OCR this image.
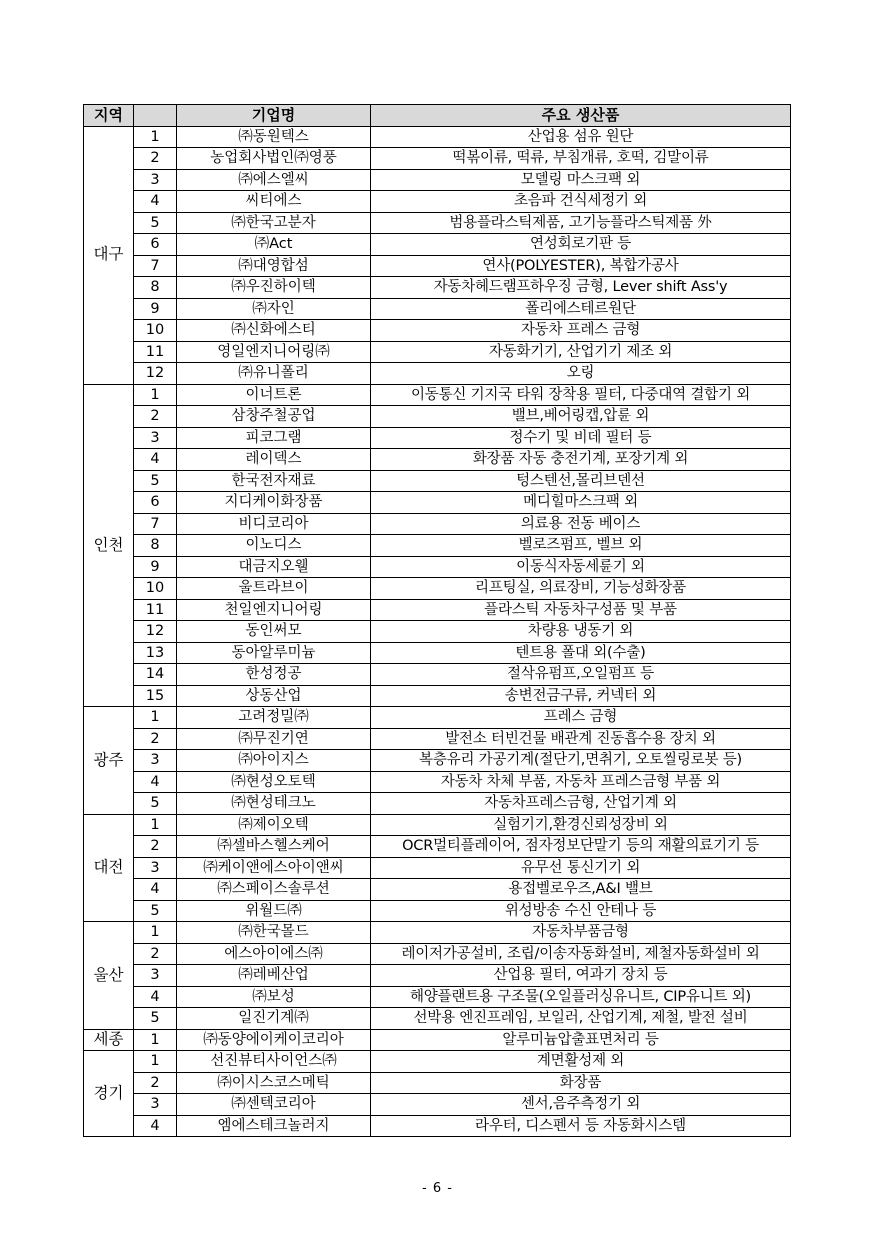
지역		기업명	주요 생산품
대구	1	㈜동원텍스	산업용 섬유 원단
	2	농업회사법인㈜영풍	떡볶이류, 떡류, 부침개류, 호떡, 김말이류
	3	㈜에스엘씨	모델링 마스크팩 외
	4	씨티에스	초음파 건식세정기 외
	5	㈜한국고분자	범용플라스틱제품, 고기능플라스틱제품 外
	6	㈜Act	연성회로기판 등
	7	㈜대영합섬	연사(POLYESTER), 복합가공사
	8	㈜우진하이텍	자동차헤드램프하우징 금형, Lever shift Ass'y
	9	㈜자인	폴리에스테르원단
	10	㈜신화에스티	자동차 프레스 금형
	11	영일엔지니어링㈜	자동화기기, 산업기기 제조 외
	12	㈜유니폴리	오링
인천	1	이너트론	이동통신 기지국 타워 장착용 필터, 다중대역 결합기 외
	2	삼창주철공업	밸브,베어링캡,압륜 외
	3	피코그램	정수기 및 비데 필터 등
	4	레이덱스	화장품 자동 충전기계, 포장기계 외
	5	한국전자재료	텅스텐선,몰리브덴선
	6	지디케이화장품	메디힐마스크팩 외
	7	비디코리아	의료용 전동 베이스
	8	이노디스	벨로즈펌프, 벨브 외
	9	대금지오웰	이동식자동세륜기 외
	10	울트라브이	리프팅실, 의료장비, 기능성화장품
	11	천일엔지니어링	플라스틱 자동차구성품 및 부품
	12	동인써모	차량용 냉동기 외
	13	동아알루미늄	텐트용 폴대 외(수출)
	14	한성정공	절삭유펌프,오일펌프 등
	15	상동산업	송변전금구류, 커넥터 외
광주	1	고려정밀㈜	프레스 금형
	2	㈜무진기연	발전소 터빈건물 배관계 진동흡수용 장치 외
	3	㈜아이지스	복층유리 가공기계(절단기,면취기, 오토씰링로봇 등)
	4	㈜현성오토텍	자동차 차체 부품, 자동차 프레스금형 부품 외
	5	㈜현성테크노	자동차프레스금형, 산업기계 외
대전	1	㈜제이오텍	실험기기,환경신뢰성장비 외
	2	㈜셀바스헬스케어	OCR멀티플레이어, 점자정보단말기 등의 재활의료기기 등
	3	㈜케이앤에스아이앤씨	유무선 통신기기 외
	4	㈜스페이스솔루션	용접벨로우즈,A&I 밸브
	5	위월드㈜	위성방송 수신 안테나 등
울산	1	㈜한국몰드	자동차부품금형
	2	에스아이에스㈜	레이저가공설비, 조립/이송자동화설비, 제철자동화설비 외
	3	㈜레베산업	산업용 필터, 여과기 장치 등
	4	㈜보성	해양플랜트용 구조물(오일플러싱유니트, CIP유니트 외)
	5	일진기계㈜	선박용 엔진프레임, 보일러, 산업기계, 제철, 발전 설비
세종	1	㈜동양에이케이코리아	알루미늄압출표면처리 등
경기	1	선진뷰티사이언스㈜	계면활성제 외
	2	㈜이시스코스메틱	화장품
	3	㈜센텍코리아	센서,음주측정기 외
	4	엠에스테크놀러지	라우터, 디스펜서 등 자동화시스템
- 6 -
